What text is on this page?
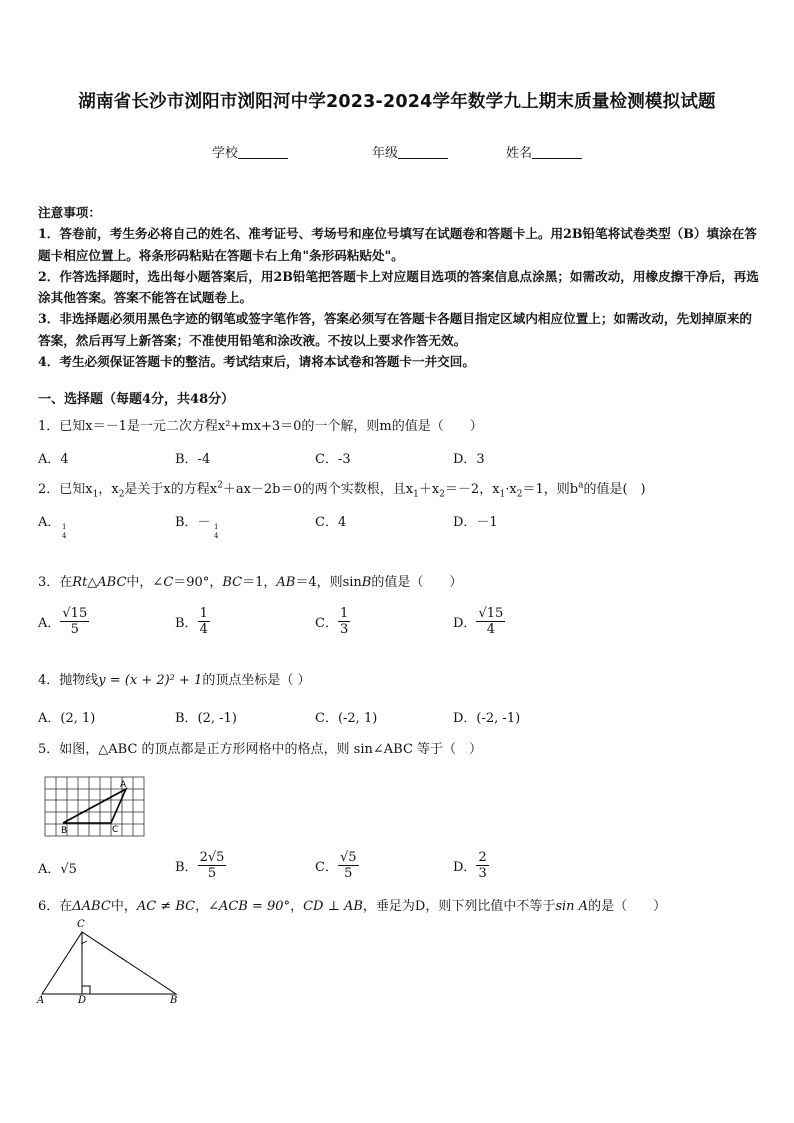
湖南省长沙市浏阳市浏阳河中学2023-2024学年数学九上期末质量检测模拟试题
学校	年级	姓名

注意事项：

1．答卷前，考生务必将自己的姓名、准考证号、考场号和座位号填写在试题卷和答题卡上。用2B铅笔将试卷类型（B）填涂在答题卡相应位置上。将条形码粘贴在答题卡右上角"条形码粘贴处"。

2．作答选择题时，选出每小题答案后，用2B铅笔把答题卡上对应题目选项的答案信息点涂黑；如需改动，用橡皮擦干净后，再选涂其他答案。答案不能答在试题卷上。

3．非选择题必须用黑色字迹的钢笔或签字笔作答，答案必须写在答题卡各题目指定区域内相应位置上；如需改动，先划掉原来的答案，然后再写上新答案；不准使用铅笔和涂改液。不按以上要求作答无效。

4．考生必须保证答题卡的整洁。考试结束后，请将本试卷和答题卡一并交回。

一、选择题（每题4分，共48分）
1．已知x＝－1是一元二次方程x²+mx+3＝0的一个解，则m的值是（　　）
A．4	B．-4	C．-3	D．3
2．已知$x_1$，$x_2$是关于x的方程$x^2+ax-2b=0$的两个实数根，且$x_1+x_2=-2$，$x_1\cdot x_2=1$，则$b^a$的值是(　)
A． 1
4
B．－ 1
4
C．4	D．－1
3．在Rt△ABC中，∠C＝90°，BC＝1，AB＝4，则sinB的值是（　　）
A． $\frac{√15}{5}$	B． $\frac{1}{4}$	C． $\frac{1}{3}$	D． $\frac{√15}{4}$
4．抛物线y = (x + 2)² + 1的顶点坐标是（ ）
A．(2, 1)	B．(2, -1)	C．(-2, 1)	D．(-2, -1)
5．如图，△ABC 的顶点都是正方形网格中的格点，则 sin∠ABC 等于（　）
A
B	C
A．√5	B． $\frac{2√5}{5}$	C． $\frac{√5}{5}$	D． $\frac{2}{3}$
6．在ΔABC中，AC ≠ BC，∠ACB = 90°，CD ⊥ AB，垂足为D，则下列比值中不等于sin A的是（　　）
C
A	D	B
